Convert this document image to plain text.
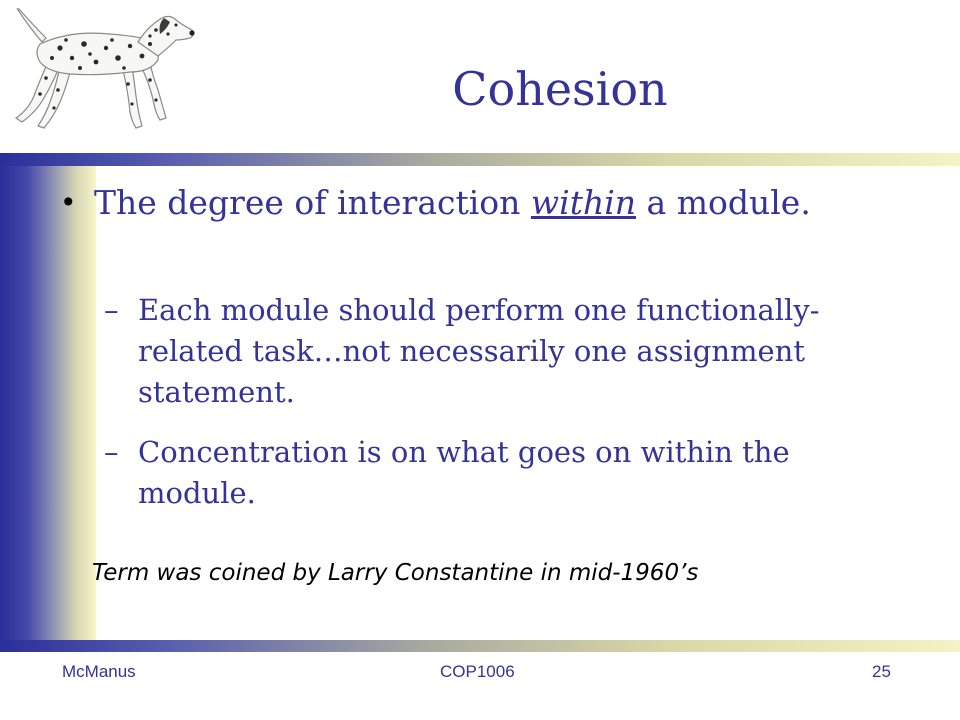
Cohesion
• The degree of interaction within a module.
– Each module should perform one functionally-related task…not necessarily one assignment statement.
– Concentration is on what goes on within the module.
Term was coined by Larry Constantine in mid-1960’s
McManus	COP1006	25
